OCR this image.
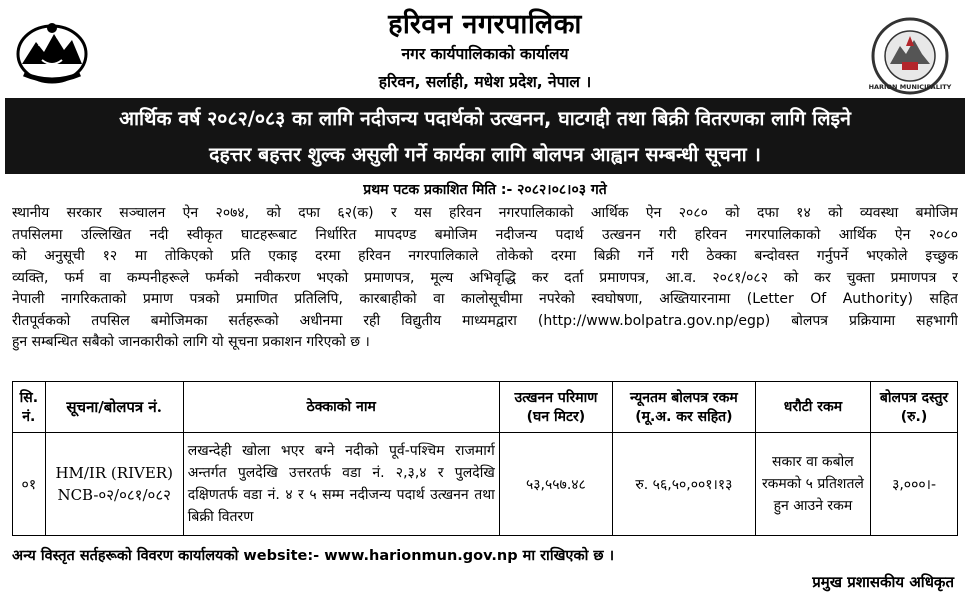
हरिवन नगरपालिका
नगर कार्यपालिकाको कार्यालय
हरिवन, सर्लाही, मधेश प्रदेश, नेपाल ।	HARION MUNICIPALITY
आर्थिक वर्ष २०८२/०८३ का लागि नदीजन्य पदार्थको उत्खनन, घाटगद्दी तथा बिक्री वितरणका लागि लिइने
दहत्तर बहत्तर शुल्क असुली गर्ने कार्यका लागि बोलपत्र आह्वान सम्बन्धी सूचना ।
प्रथम पटक प्रकाशित मिति :- २०८२।०८।०३ गते
स्थानीय सरकार सञ्चालन ऐन २०७४, को दफा ६२(क) र यस हरिवन नगरपालिकाको आर्थिक ऐन २०८० को दफा १४ को व्यवस्था बमोजिम
तपसिलमा उल्लिखित नदी स्वीकृत घाटहरूबाट निर्धारित मापदण्ड बमोजिम नदीजन्य पदार्थ उत्खनन गरी हरिवन नगरपालिकाको आर्थिक ऐन २०८०
को अनुसूची १२ मा तोकिएको प्रति एकाइ दरमा हरिवन नगरपालिकाले तोकेको दरमा बिक्री गर्ने गरी ठेक्का बन्दोवस्त गर्नुपर्ने भएकोले इच्छुक
व्यक्ति, फर्म वा कम्पनीहरूले फर्मको नवीकरण भएको प्रमाणपत्र, मूल्य अभिवृद्धि कर दर्ता प्रमाणपत्र, आ.व. २०८१/०८२ को कर चुक्ता प्रमाणपत्र र
नेपाली नागरिकताको प्रमाण पत्रको प्रमाणित प्रतिलिपि, कारबाहीको वा कालोसूचीमा नपरेको स्वघोषणा, अख्तियारनामा (Letter Of Authority) सहित
रीतपूर्वकको तपसिल बमोजिमका सर्तहरूको अधीनमा रही विद्युतीय माध्यमद्वारा (http://www.bolpatra.gov.np/egp) बोलपत्र प्रक्रियामा सहभागी
हुन सम्बन्धित सबैको जानकारीको लागि यो सूचना प्रकाशन गरिएको छ ।
सि. नं.	सूचना/बोलपत्र नं.	ठेक्काको नाम	उत्खनन परिमाण (घन मिटर)	न्यूनतम बोलपत्र रकम (मू.अ. कर सहित)	धरौटी रकम	बोलपत्र दस्तुर (रु.)
०१	HM/IR (RIVER) NCB-०२/०८१/०८२	लखन्देही खोला भएर बग्ने नदीको पूर्व-पश्चिम राजमार्ग अन्तर्गत पुलदेखि उत्तरतर्फ वडा नं. २,३,४ र पुलदेखि दक्षिणतर्फ वडा नं. ४ र ५ सम्म नदीजन्य पदार्थ उत्खनन तथा बिक्री वितरण	५३,५५७.४८	रु. ५६,५०,००१।१३	सकार वा कबोल रकमको ५ प्रतिशतले हुन आउने रकम	३,०००।-
अन्य विस्तृत सर्तहरूको विवरण कार्यालयको website:- www.harionmun.gov.np मा राखिएको छ ।
प्रमुख प्रशासकीय अधिकृत
